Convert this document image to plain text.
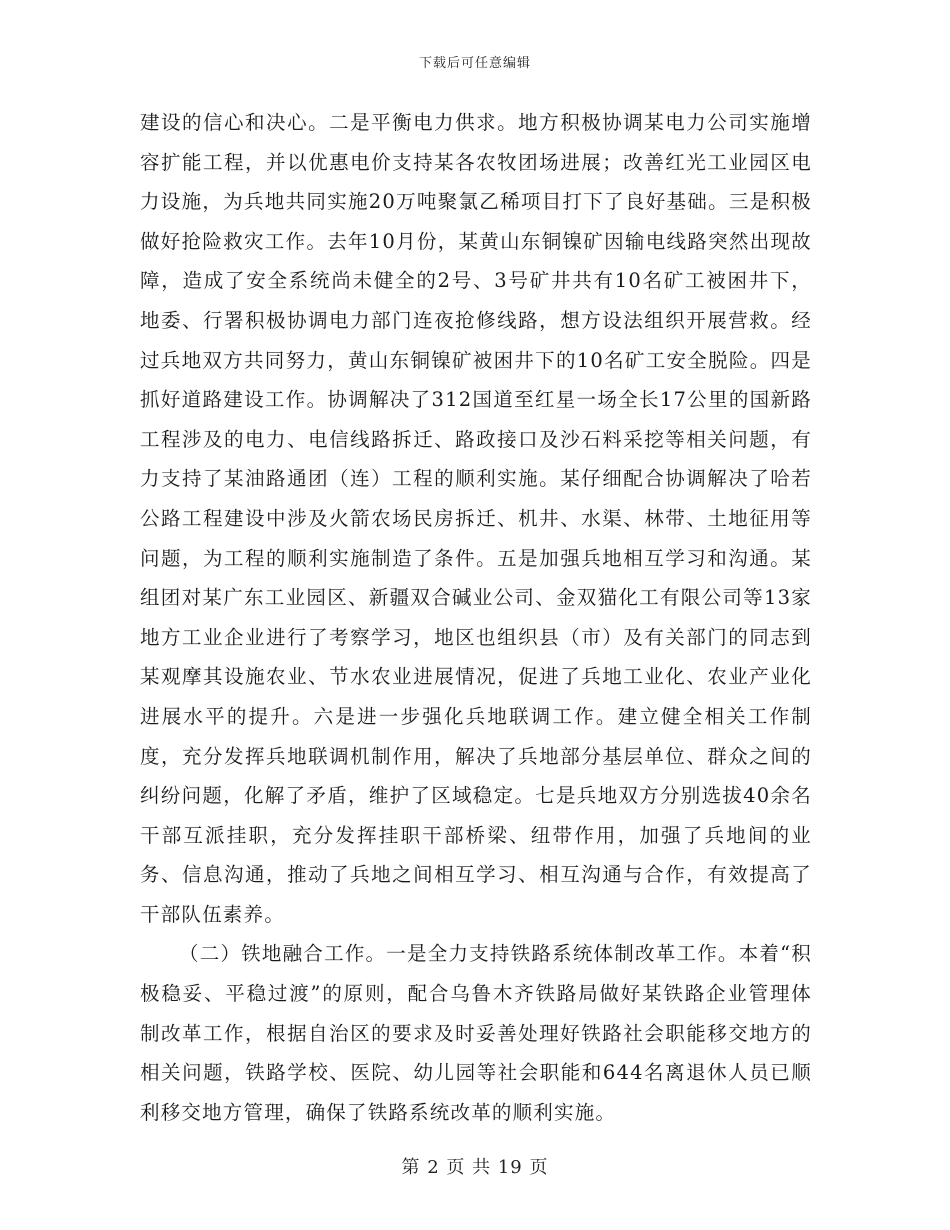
下载后可任意编辑

建设的信心和决心。二是平衡电力供求。地方积极协调某电力公司实施增容扩能工程，并以优惠电价支持某各农牧团场进展；改善红光工业园区电力设施，为兵地共同实施20万吨聚氯乙稀项目打下了良好基础。三是积极做好抢险救灾工作。去年10月份，某黄山东铜镍矿因输电线路突然出现故障，造成了安全系统尚未健全的2号、3号矿井共有10名矿工被困井下，地委、行署积极协调电力部门连夜抢修线路，想方设法组织开展营救。经过兵地双方共同努力，黄山东铜镍矿被困井下的10名矿工安全脱险。四是抓好道路建设工作。协调解决了312国道至红星一场全长17公里的国新路工程涉及的电力、电信线路拆迁、路政接口及沙石料采挖等相关问题，有力支持了某油路通团（连）工程的顺利实施。某仔细配合协调解决了哈若公路工程建设中涉及火箭农场民房拆迁、机井、水渠、林带、土地征用等问题，为工程的顺利实施制造了条件。五是加强兵地相互学习和沟通。某组团对某广东工业园区、新疆双合碱业公司、金双猫化工有限公司等13家地方工业企业进行了考察学习，地区也组织县（市）及有关部门的同志到某观摩其设施农业、节水农业进展情况，促进了兵地工业化、农业产业化进展水平的提升。六是进一步强化兵地联调工作。建立健全相关工作制度，充分发挥兵地联调机制作用，解决了兵地部分基层单位、群众之间的纠纷问题，化解了矛盾，维护了区域稳定。七是兵地双方分别选拔40余名干部互派挂职，充分发挥挂职干部桥梁、纽带作用，加强了兵地间的业务、信息沟通，推动了兵地之间相互学习、相互沟通与合作，有效提高了干部队伍素养。

（二）铁地融合工作。一是全力支持铁路系统体制改革工作。本着“积极稳妥、平稳过渡”的原则，配合乌鲁木齐铁路局做好某铁路企业管理体制改革工作，根据自治区的要求及时妥善处理好铁路社会职能移交地方的相关问题，铁路学校、医院、幼儿园等社会职能和644名离退休人员已顺利移交地方管理，确保了铁路系统改革的顺利实施。

第 2 页 共 19 页
